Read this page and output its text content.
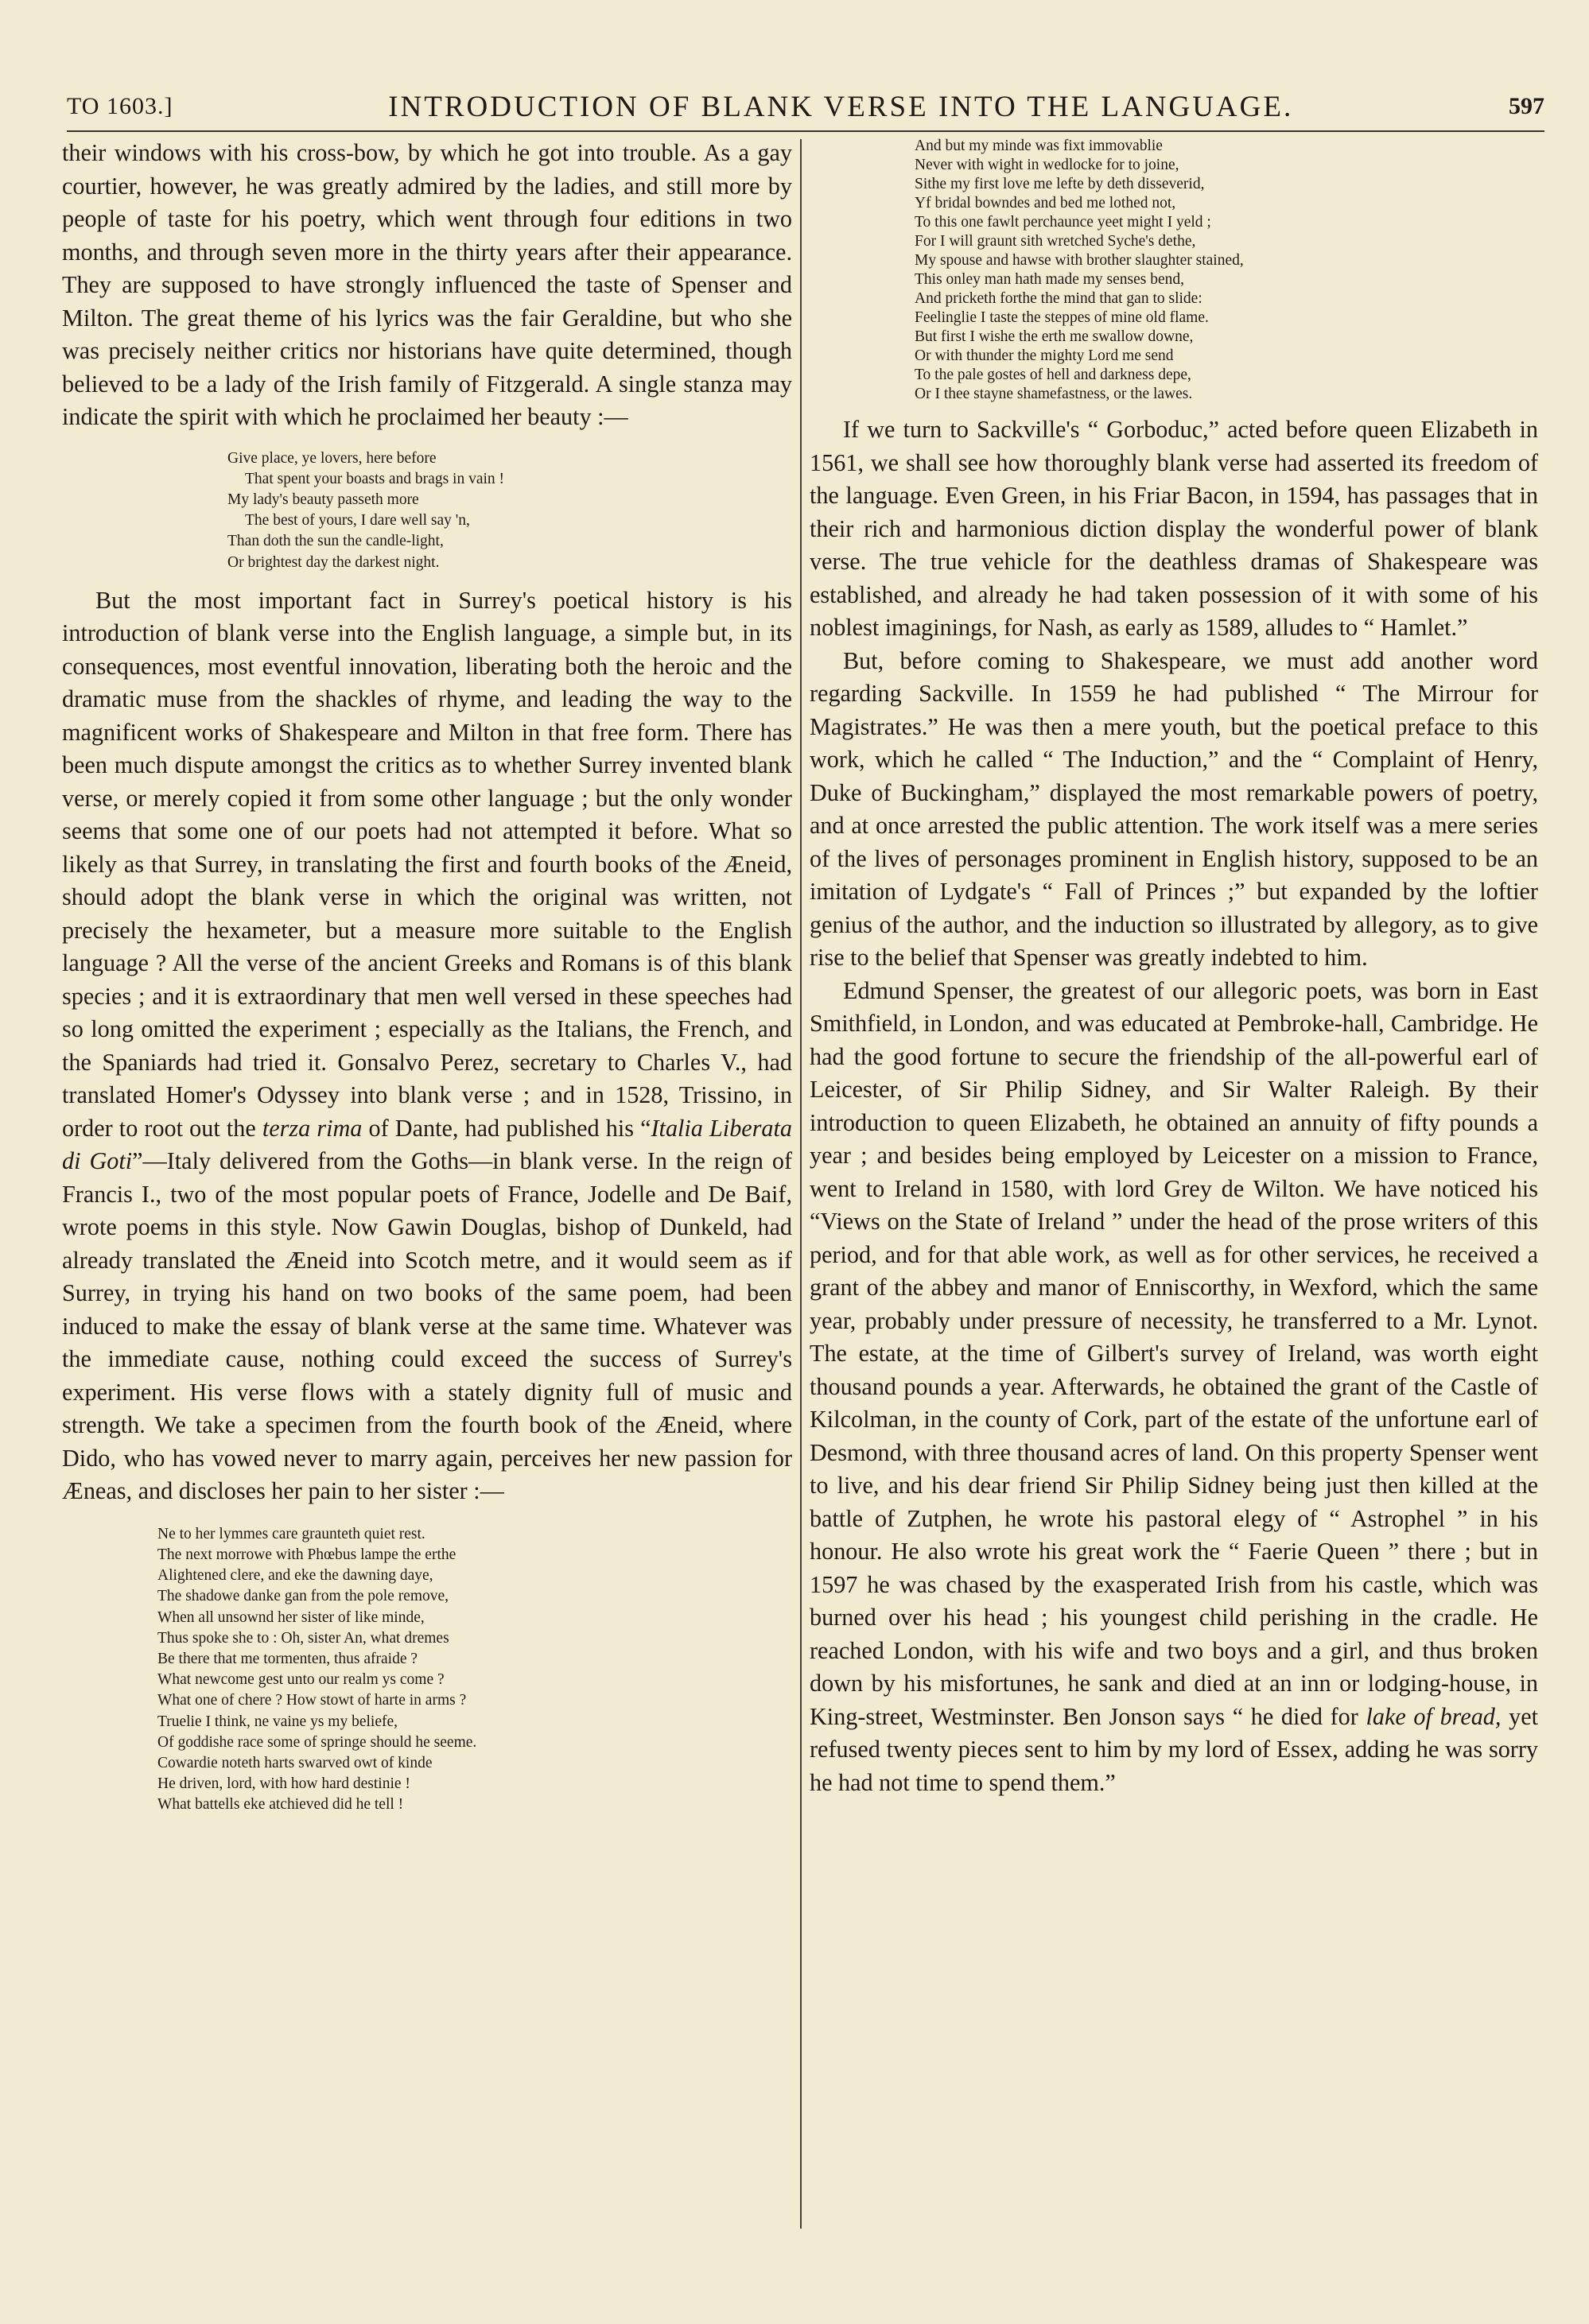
TO 1603.]	INTRODUCTION OF BLANK VERSE INTO THE LANGUAGE.	597

their windows with his cross-bow, by which he got into trouble. As a gay courtier, however, he was greatly admired by the ladies, and still more by people of taste for his poetry, which went through four editions in two months, and through seven more in the thirty years after their appearance. They are supposed to have strongly influenced the taste of Spenser and Milton. The great theme of his lyrics was the fair Geraldine, but who she was precisely neither critics nor historians have quite determined, though believed to be a lady of the Irish family of Fitzgerald. A single stanza may indicate the spirit with which he proclaimed her beauty :—

Give place, ye lovers, here before
That spent your boasts and brags in vain !
My lady's beauty passeth more
The best of yours, I dare well say 'n,
Than doth the sun the candle-light,
Or brightest day the darkest night.

But the most important fact in Surrey's poetical history is his introduction of blank verse into the English language, a simple but, in its consequences, most eventful innovation, liberating both the heroic and the dramatic muse from the shackles of rhyme, and leading the way to the magnificent works of Shakespeare and Milton in that free form. There has been much dispute amongst the critics as to whether Surrey invented blank verse, or merely copied it from some other language ; but the only wonder seems that some one of our poets had not attempted it before. What so likely as that Surrey, in translating the first and fourth books of the Æneid, should adopt the blank verse in which the original was written, not precisely the hexameter, but a measure more suitable to the English language ? All the verse of the ancient Greeks and Romans is of this blank species ; and it is extraordinary that men well versed in these speeches had so long omitted the experiment ; especially as the Italians, the French, and the Spaniards had tried it. Gonsalvo Perez, secretary to Charles V., had translated Homer's Odyssey into blank verse ; and in 1528, Trissino, in order to root out the terza rima of Dante, had published his “Italia Liberata di Goti”—Italy delivered from the Goths—in blank verse. In the reign of Francis I., two of the most popular poets of France, Jodelle and De Baif, wrote poems in this style. Now Gawin Douglas, bishop of Dunkeld, had already translated the Æneid into Scotch metre, and it would seem as if Surrey, in trying his hand on two books of the same poem, had been induced to make the essay of blank verse at the same time. Whatever was the immediate cause, nothing could exceed the success of Surrey's experiment. His verse flows with a stately dignity full of music and strength. We take a specimen from the fourth book of the Æneid, where Dido, who has vowed never to marry again, perceives her new passion for Æneas, and discloses her pain to her sister :—

Ne to her lymmes care graunteth quiet rest.
The next morrowe with Phœbus lampe the erthe
Alightened clere, and eke the dawning daye,
The shadowe danke gan from the pole remove,
When all unsownd her sister of like minde,
Thus spoke she to : Oh, sister An, what dremes
Be there that me tormenten, thus afraide ?
What newcome gest unto our realm ys come ?
What one of chere ? How stowt of harte in arms ?
Truelie I think, ne vaine ys my beliefe,
Of goddishe race some of springe should he seeme.
Cowardie noteth harts swarved owt of kinde
He driven, lord, with how hard destinie !
What battells eke atchieved did he tell !
And but my minde was fixt immovablie
Never with wight in wedlocke for to joine,
Sithe my first love me lefte by deth disseverid,
Yf bridal bowndes and bed me lothed not,
To this one fawlt perchaunce yeet might I yeld ;
For I will graunt sith wretched Syche's dethe,
My spouse and hawse with brother slaughter stained,
This onley man hath made my senses bend,
And pricketh forthe the mind that gan to slide:
Feelinglie I taste the steppes of mine old flame.
But first I wishe the erth me swallow downe,
Or with thunder the mighty Lord me send
To the pale gostes of hell and darkness depe,
Or I thee stayne shamefastness, or the lawes.

If we turn to Sackville's “ Gorboduc,” acted before queen Elizabeth in 1561, we shall see how thoroughly blank verse had asserted its freedom of the language. Even Green, in his Friar Bacon, in 1594, has passages that in their rich and harmonious diction display the wonderful power of blank verse. The true vehicle for the deathless dramas of Shakespeare was established, and already he had taken possession of it with some of his noblest imaginings, for Nash, as early as 1589, alludes to “ Hamlet.”

But, before coming to Shakespeare, we must add another word regarding Sackville. In 1559 he had published “ The Mirrour for Magistrates.” He was then a mere youth, but the poetical preface to this work, which he called “ The Induction,” and the “ Complaint of Henry, Duke of Buckingham,” displayed the most remarkable powers of poetry, and at once arrested the public attention. The work itself was a mere series of the lives of personages prominent in English history, supposed to be an imitation of Lydgate's “ Fall of Princes ;” but expanded by the loftier genius of the author, and the induction so illustrated by allegory, as to give rise to the belief that Spenser was greatly indebted to him.

Edmund Spenser, the greatest of our allegoric poets, was born in East Smithfield, in London, and was educated at Pembroke-hall, Cambridge. He had the good fortune to secure the friendship of the all-powerful earl of Leicester, of Sir Philip Sidney, and Sir Walter Raleigh. By their introduction to queen Elizabeth, he obtained an annuity of fifty pounds a year ; and besides being employed by Leicester on a mission to France, went to Ireland in 1580, with lord Grey de Wilton. We have noticed his “Views on the State of Ireland ” under the head of the prose writers of this period, and for that able work, as well as for other services, he received a grant of the abbey and manor of Enniscorthy, in Wexford, which the same year, probably under pressure of necessity, he transferred to a Mr. Lynot. The estate, at the time of Gilbert's survey of Ireland, was worth eight thousand pounds a year. Afterwards, he obtained the grant of the Castle of Kilcolman, in the county of Cork, part of the estate of the unfortune earl of Desmond, with three thousand acres of land. On this property Spenser went to live, and his dear friend Sir Philip Sidney being just then killed at the battle of Zutphen, he wrote his pastoral elegy of “ Astrophel ” in his honour. He also wrote his great work the “ Faerie Queen ” there ; but in 1597 he was chased by the exasperated Irish from his castle, which was burned over his head ; his youngest child perishing in the cradle. He reached London, with his wife and two boys and a girl, and thus broken down by his misfortunes, he sank and died at an inn or lodging-house, in King-street, Westminster. Ben Jonson says “ he died for lake of bread, yet refused twenty pieces sent to him by my lord of Essex, adding he was sorry he had not time to spend them.”
